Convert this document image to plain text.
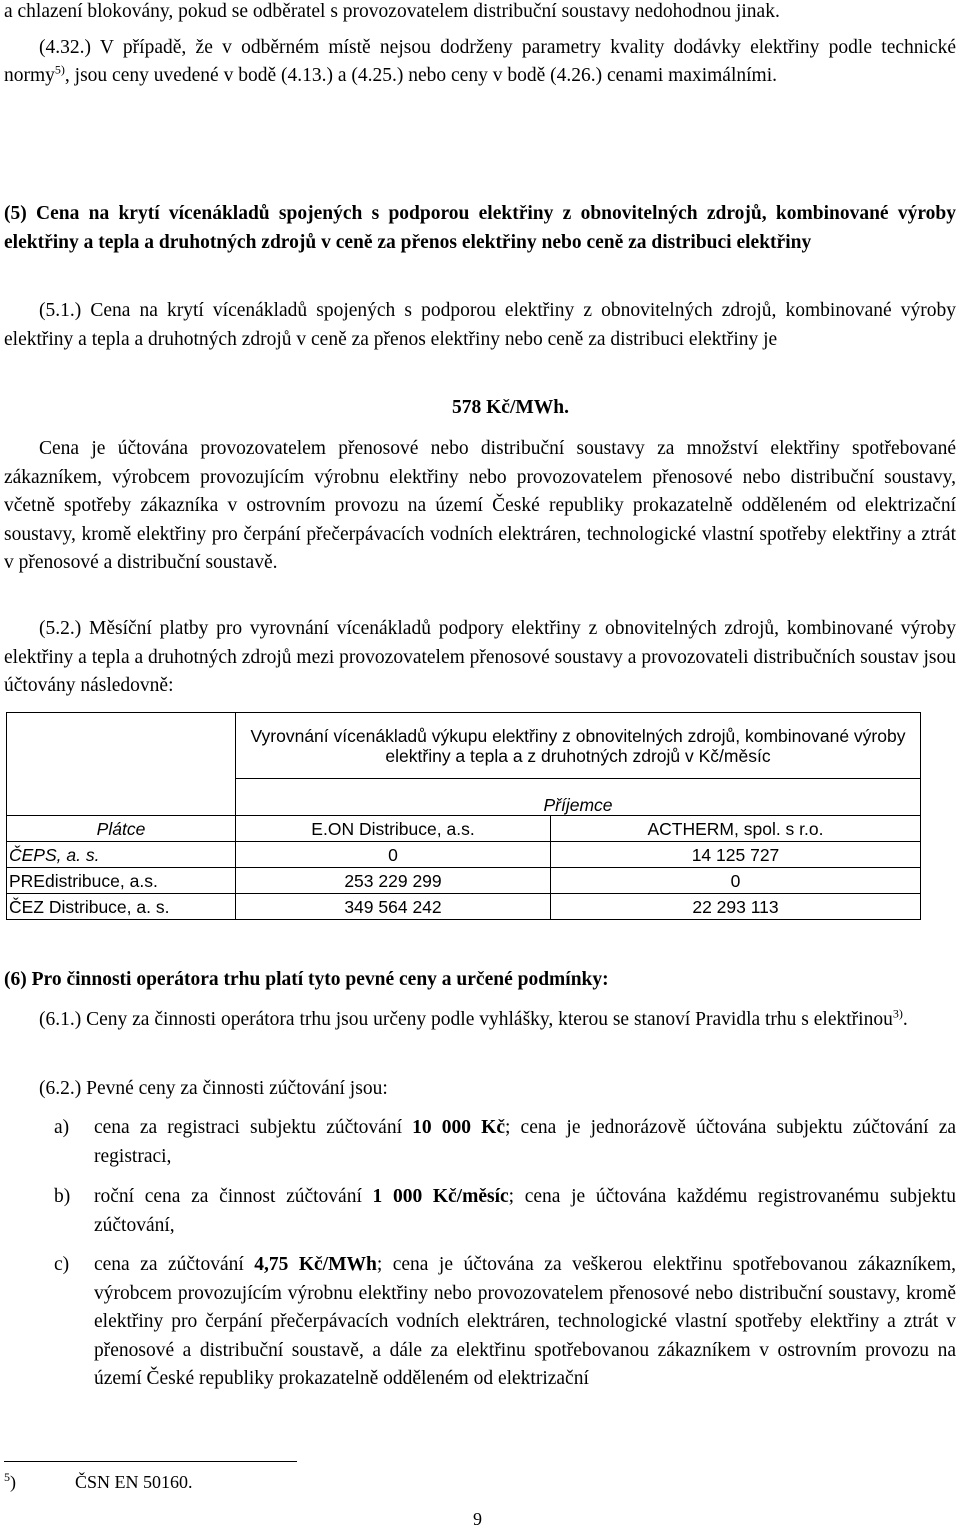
a chlazení blokovány, pokud se odběratel s provozovatelem distribuční soustavy nedohodnou jinak.

(4.32.) V případě, že v odběrném místě nejsou dodrženy parametry kvality dodávky elektřiny podle technické normy$^{5)}$, jsou ceny uvedené v bodě (4.13.) a (4.25.) nebo ceny v bodě (4.26.) cenami maximálními.

(5) Cena na krytí vícenákladů spojených s podporou elektřiny z obnovitelných zdrojů, kombinované výroby elektřiny a tepla a druhotných zdrojů v ceně za přenos elektřiny nebo ceně za distribuci elektřiny

(5.1.) Cena na krytí vícenákladů spojených s podporou elektřiny z obnovitelných zdrojů, kombinované výroby elektřiny a tepla a druhotných zdrojů v ceně za přenos elektřiny nebo ceně za distribuci elektřiny je

578 Kč/MWh.

Cena je účtována provozovatelem přenosové nebo distribuční soustavy za množství elektřiny spotřebované zákazníkem, výrobcem provozujícím výrobnu elektřiny nebo provozovatelem přenosové nebo distribuční soustavy, včetně spotřeby zákazníka v ostrovním provozu na území České republiky prokazatelně odděleném od elektrizační soustavy, kromě elektřiny pro čerpání přečerpávacích vodních elektráren, technologické vlastní spotřeby elektřiny a ztrát v přenosové a distribuční soustavě.

(5.2.) Měsíční platby pro vyrovnání vícenákladů podpory elektřiny z obnovitelných zdrojů, kombinované výroby elektřiny a tepla a druhotných zdrojů mezi provozovatelem přenosové soustavy a provozovateli distribučních soustav jsou účtovány následovně:

	Vyrovnání vícenákladů výkupu elektřiny z obnovitelných zdrojů, kombinované výroby elektřiny a tepla a z druhotných zdrojů v Kč/měsíc	
	Příjemce	
Plátce	E.ON Distribuce, a.s.	ACTHERM, spol. s r.o.
ČEPS, a. s.	0	14 125 727
PREdistribuce, a.s.	253 229 299	0
ČEZ Distribuce, a. s.	349 564 242	22 293 113

(6) Pro činnosti operátora trhu platí tyto pevné ceny a určené podmínky:

(6.1.) Ceny za činnosti operátora trhu jsou určeny podle vyhlášky, kterou se stanoví Pravidla trhu s elektřinou$^{3)}$.

(6.2.) Pevné ceny za činnosti zúčtování jsou:
a) cena za registraci subjektu zúčtování 10 000 Kč; cena je jednorázově účtována subjektu zúčtování za registraci,
b) roční cena za činnost zúčtování 1 000 Kč/měsíc; cena je účtována každému registrovanému subjektu zúčtování,
c) cena za zúčtování 4,75 Kč/MWh; cena je účtována za veškerou elektřinu spotřebovanou zákazníkem, výrobcem provozujícím výrobnu elektřiny nebo provozovatelem přenosové nebo distribuční soustavy, kromě elektřiny pro čerpání přečerpávacích vodních elektráren, technologické vlastní spotřeby elektřiny a ztrát v přenosové a distribuční soustavě, a dále za elektřinu spotřebovanou zákazníkem v ostrovním provozu na území České republiky prokazatelně odděleném od elektrizační
$^5$)	ČSN EN 50160.
9
